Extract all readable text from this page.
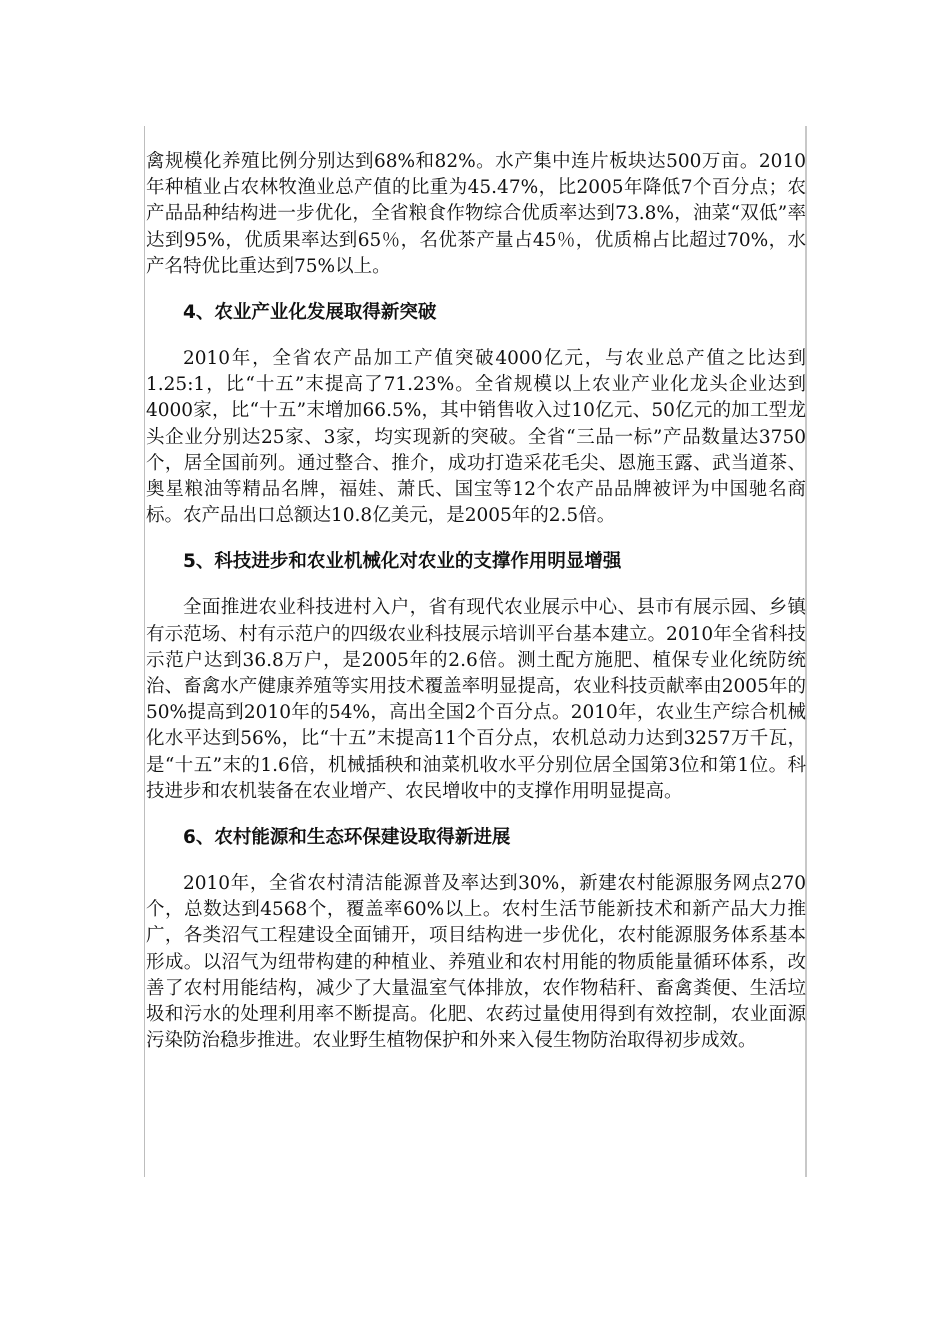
禽规模化养殖比例分别达到68%和82%。水产集中连片板块达500万亩。2010年种植业占农林牧渔业总产值的比重为45.47%，比2005年降低7个百分点；农产品品种结构进一步优化，全省粮食作物综合优质率达到73.8%，油菜“双低”率达到95%，优质果率达到65％，名优茶产量占45％，优质棉占比超过70%，水产名特优比重达到75%以上。

4、农业产业化发展取得新突破

2010年，全省农产品加工产值突破4000亿元，与农业总产值之比达到1.25:1，比“十五”末提高了71.23%。全省规模以上农业产业化龙头企业达到4000家，比“十五”末增加66.5%，其中销售收入过10亿元、50亿元的加工型龙头企业分别达25家、3家，均实现新的突破。全省“三品一标”产品数量达3750个，居全国前列。通过整合、推介，成功打造采花毛尖、恩施玉露、武当道茶、奥星粮油等精品名牌，福娃、萧氏、国宝等12个农产品品牌被评为中国驰名商标。农产品出口总额达10.8亿美元，是2005年的2.5倍。

5、科技进步和农业机械化对农业的支撑作用明显增强

全面推进农业科技进村入户，省有现代农业展示中心、县市有展示园、乡镇有示范场、村有示范户的四级农业科技展示培训平台基本建立。2010年全省科技示范户达到36.8万户，是2005年的2.6倍。测土配方施肥、植保专业化统防统治、畜禽水产健康养殖等实用技术覆盖率明显提高，农业科技贡献率由2005年的50%提高到2010年的54%，高出全国2个百分点。2010年，农业生产综合机械化水平达到56%，比“十五”末提高11个百分点，农机总动力达到3257万千瓦，是“十五”末的1.6倍，机械插秧和油菜机收水平分别位居全国第3位和第1位。科技进步和农机装备在农业增产、农民增收中的支撑作用明显提高。

6、农村能源和生态环保建设取得新进展

2010年，全省农村清洁能源普及率达到30%，新建农村能源服务网点270个，总数达到4568个，覆盖率60%以上。农村生活节能新技术和新产品大力推广，各类沼气工程建设全面铺开，项目结构进一步优化，农村能源服务体系基本形成。以沼气为纽带构建的种植业、养殖业和农村用能的物质能量循环体系，改善了农村用能结构，减少了大量温室气体排放，农作物秸秆、畜禽粪便、生活垃圾和污水的处理利用率不断提高。化肥、农药过量使用得到有效控制，农业面源污染防治稳步推进。农业野生植物保护和外来入侵生物防治取得初步成效。
